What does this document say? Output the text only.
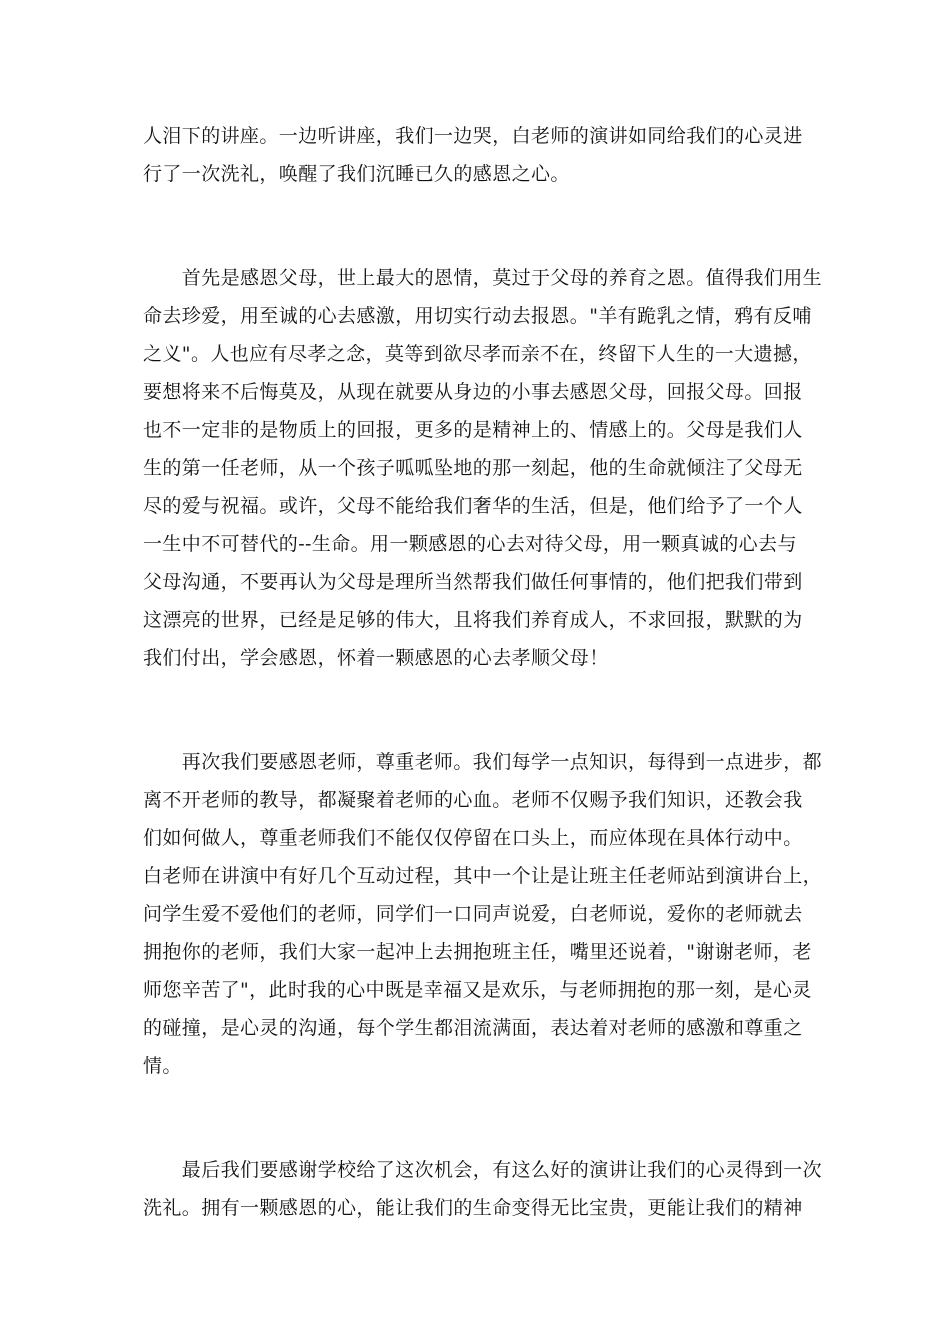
人泪下的讲座。一边听讲座，我们一边哭，白老师的演讲如同给我们的心灵进
行了一次洗礼，唤醒了我们沉睡已久的感恩之心。
　　首先是感恩父母，世上最大的恩情，莫过于父母的养育之恩。值得我们用生
命去珍爱，用至诚的心去感激，用切实行动去报恩。"羊有跪乳之情，鸦有反哺
之义"。人也应有尽孝之念，莫等到欲尽孝而亲不在，终留下人生的一大遗撼，
要想将来不后悔莫及，从现在就要从身边的小事去感恩父母，回报父母。回报
也不一定非的是物质上的回报，更多的是精神上的、情感上的。父母是我们人
生的第一任老师，从一个孩子呱呱坠地的那一刻起，他的生命就倾注了父母无
尽的爱与祝福。或许，父母不能给我们奢华的生活，但是，他们给予了一个人
一生中不可替代的--生命。用一颗感恩的心去对待父母，用一颗真诚的心去与
父母沟通，不要再认为父母是理所当然帮我们做任何事情的，他们把我们带到
这漂亮的世界，已经是足够的伟大，且将我们养育成人，不求回报，默默的为
我们付出，学会感恩，怀着一颗感恩的心去孝顺父母！
　　再次我们要感恩老师，尊重老师。我们每学一点知识，每得到一点进步，都
离不开老师的教导，都凝聚着老师的心血。老师不仅赐予我们知识，还教会我
们如何做人，尊重老师我们不能仅仅停留在口头上，而应体现在具体行动中。
白老师在讲演中有好几个互动过程，其中一个让是让班主任老师站到演讲台上，
问学生爱不爱他们的老师，同学们一口同声说爱，白老师说，爱你的老师就去
拥抱你的老师，我们大家一起冲上去拥抱班主任，嘴里还说着，"谢谢老师，老
师您辛苦了"，此时我的心中既是幸福又是欢乐，与老师拥抱的那一刻，是心灵
的碰撞，是心灵的沟通，每个学生都泪流满面，表达着对老师的感激和尊重之
情。
　　最后我们要感谢学校给了这次机会，有这么好的演讲让我们的心灵得到一次
洗礼。拥有一颗感恩的心，能让我们的生命变得无比宝贵，更能让我们的精神
